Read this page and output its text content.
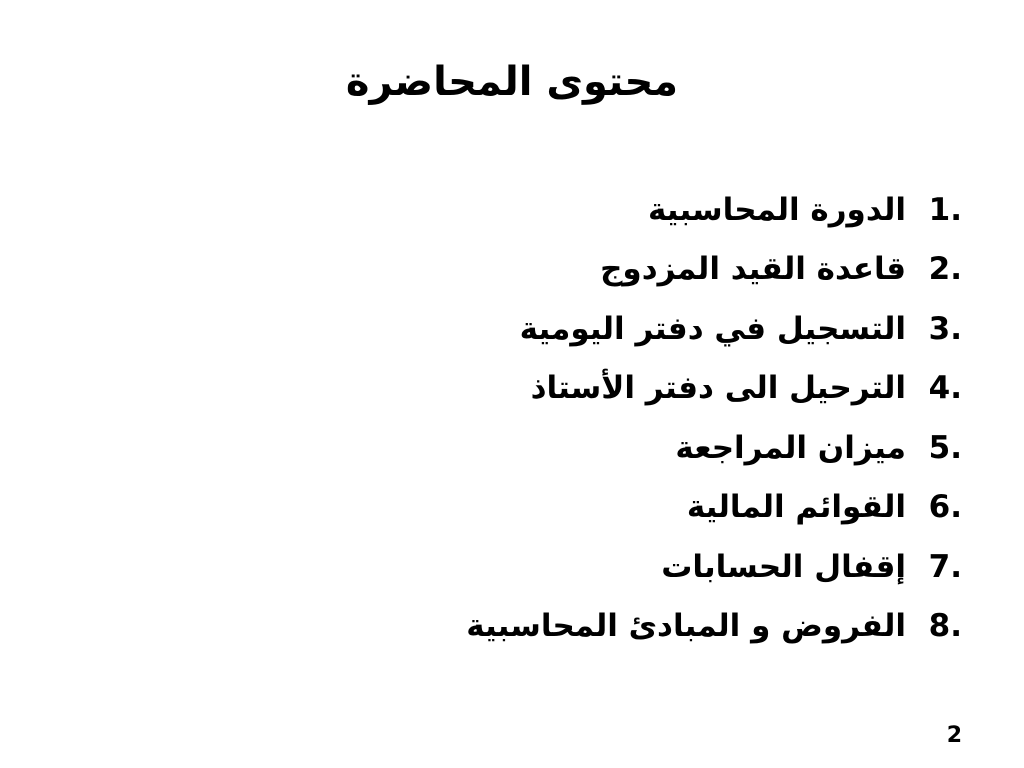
محتوى المحاضرة
الدورة المحاسبية 1.
قاعدة القيد المزدوج 2.
التسجيل في دفتر اليومية 3.
الترحيل الى دفتر الأستاذ 4.
ميزان المراجعة 5.
القوائم المالية 6.
إقفال الحسابات 7.
الفروض و المبادئ المحاسبية 8.
2
